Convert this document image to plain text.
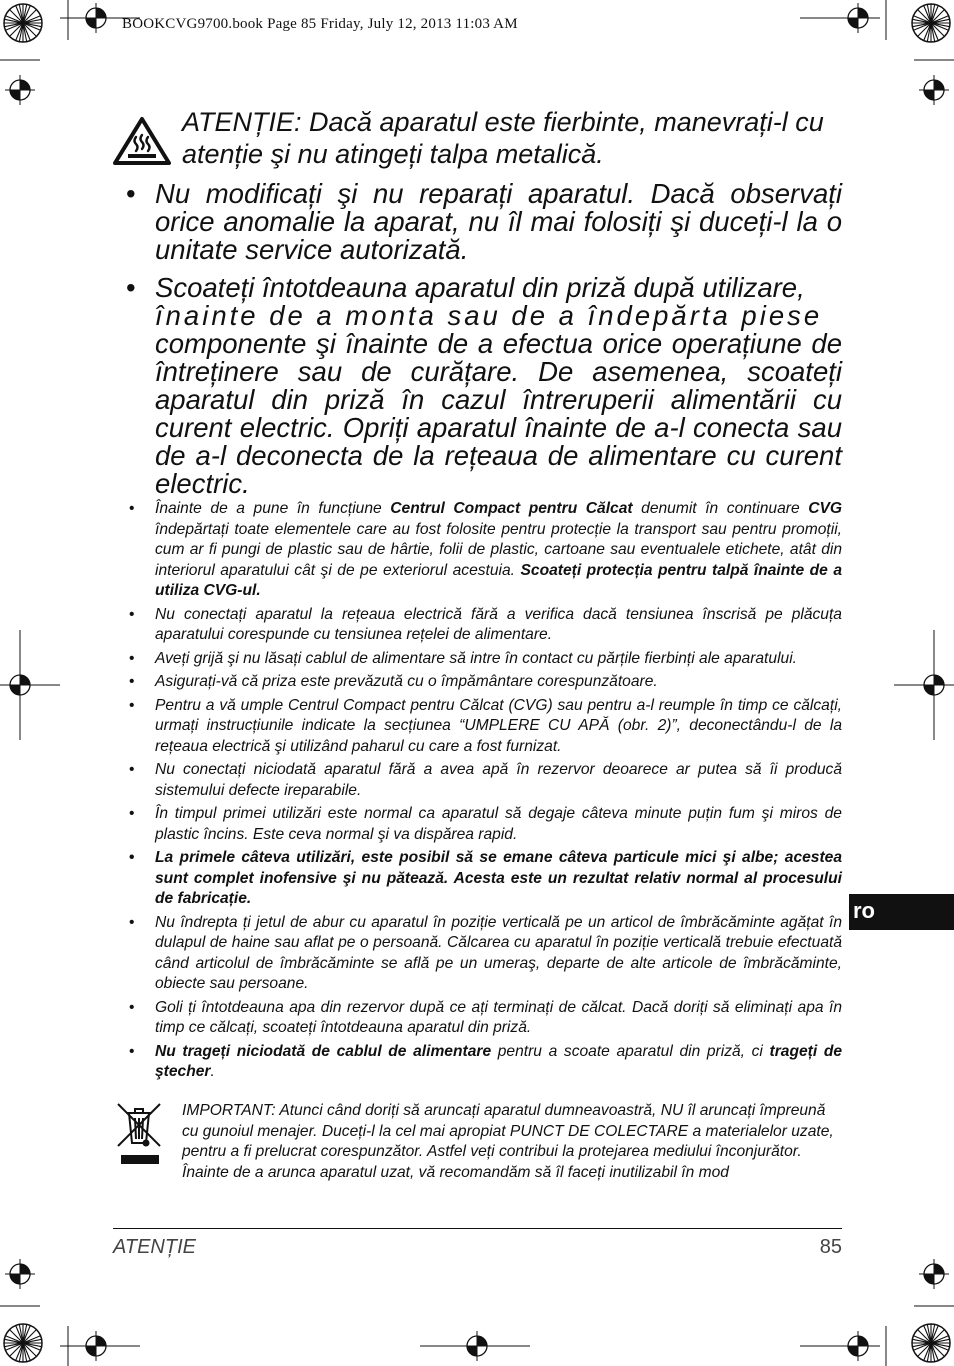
BOOKCVG9700.book Page 85 Friday, July 12, 2013 11:03 AM
ATENȚIE: Dacă aparatul este fierbinte, manevrați-l cu atenție şi nu atingeți talpa metalică.
• Nu modificați şi nu reparați aparatul. Dacă observați orice anomalie la aparat, nu îl mai folosiți şi duceți-l la o unitate service autorizată.
• Scoateți întotdeauna aparatul din priză după utilizare,
înainte de a monta sau de a îndepărta piese
componente şi înainte de a efectua orice operațiune de întreținere sau de curățare. De asemenea, scoateți aparatul din priză în cazul întreruperii alimentării cu curent electric. Opriți aparatul înainte de a-l conecta sau de a-l deconecta de la rețeaua de alimentare cu curent electric.
• Înainte de a pune în funcțiune Centrul Compact pentru Călcat denumit în continuare CVG îndepărtați toate elementele care au fost folosite pentru protecție la transport sau pentru promoții, cum ar fi pungi de plastic sau de hârtie, folii de plastic, cartoane sau eventualele etichete, atât din interiorul aparatului cât şi de pe exteriorul acestuia. Scoateți protecția pentru talpă înainte de a utiliza CVG-ul.
• Nu conectați aparatul la rețeaua electrică fără a verifica dacă tensiunea înscrisă pe plăcuța aparatului corespunde cu tensiunea rețelei de alimentare.
• Aveți grijă şi nu lăsați cablul de alimentare să intre în contact cu părțile fierbinți ale aparatului.
• Asigurați-vă că priza este prevăzută cu o împământare corespunzătoare.
• Pentru a vă umple Centrul Compact pentru Călcat (CVG) sau pentru a-l reumple în timp ce călcați, urmați instrucțiunile indicate la secțiunea “UMPLERE CU APĂ (obr. 2)”, deconectându-l de la rețeaua electrică şi utilizând paharul cu care a fost furnizat.
• Nu conectați niciodată aparatul fără a avea apă în rezervor deoarece ar putea să îi producă sistemului defecte ireparabile.
• În timpul primei utilizări este normal ca aparatul să degaje câteva minute puțin fum şi miros de plastic încins. Este ceva normal şi va dispărea rapid.
• La primele câteva utilizări, este posibil să se emane câteva particule mici şi albe; acestea sunt complet inofensive şi nu pătează. Acesta este un rezultat relativ normal al procesului de fabricație.
• Nu îndrepta ți jetul de abur cu aparatul în poziție verticală pe un articol de îmbrăcăminte agățat în dulapul de haine sau aflat pe o persoană. Călcarea cu aparatul în poziție verticală trebuie efectuată când articolul de îmbrăcăminte se află pe un umeraş, departe de alte articole de îmbrăcăminte, obiecte sau persoane.
• Goli ți întotdeauna apa din rezervor după ce ați terminați de călcat. Dacă doriți să eliminați apa în timp ce călcați, scoateți întotdeauna aparatul din priză.
• Nu trageți niciodată de cablul de alimentare pentru a scoate aparatul din priză, ci trageți de ştecher.
IMPORTANT: Atunci când doriți să aruncați aparatul dumneavoastră, NU îl aruncați împreună cu gunoiul menajer. Duceți-l la cel mai apropiat PUNCT DE COLECTARE a materialelor uzate, pentru a fi prelucrat corespunzător. Astfel veți contribui la protejarea mediului înconjurător.
Înainte de a arunca aparatul uzat, vă recomandăm să îl faceți inutilizabil în mod
ro
ATENȚIE	85
